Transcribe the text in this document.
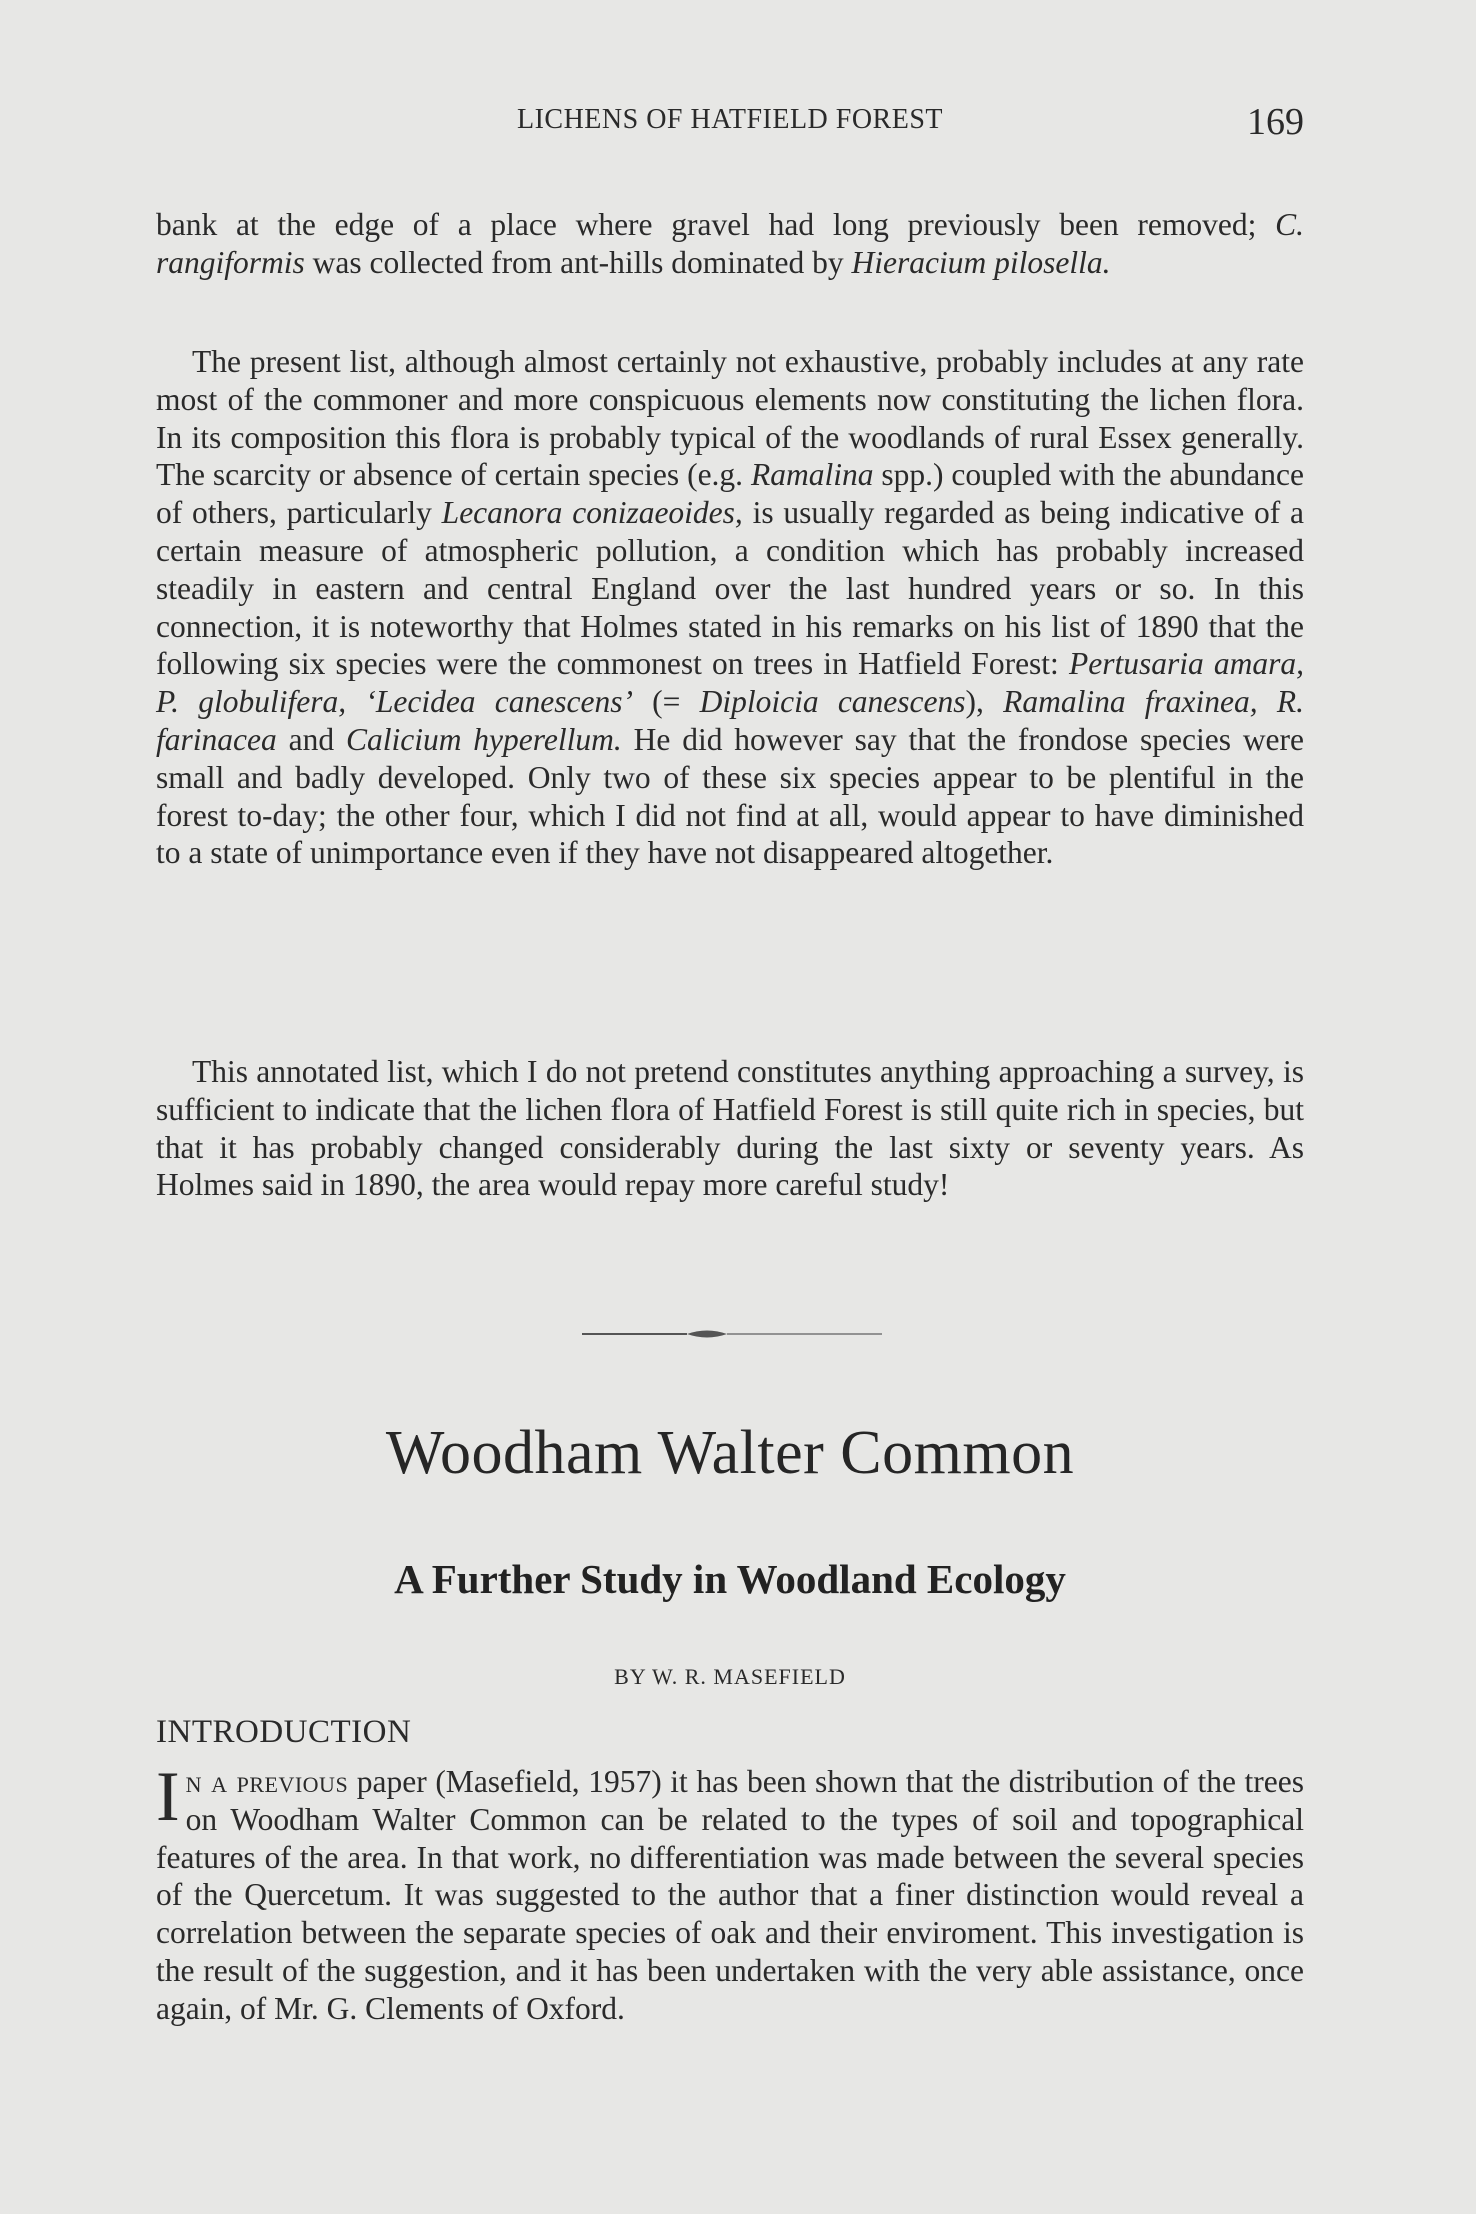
LICHENS OF HATFIELD FOREST	169

bank at the edge of a place where gravel had long previously been removed; C. rangiformis was collected from ant-hills dominated by Hieracium pilosella.

The present list, although almost certainly not exhaustive, probably includes at any rate most of the commoner and more conspicuous elements now constituting the lichen flora. In its composition this flora is probably typical of the woodlands of rural Essex generally. The scarcity or absence of certain species (e.g. Ramalina spp.) coupled with the abundance of others, particularly Lecanora conizaeoides, is usually regarded as being indicative of a certain measure of atmospheric pollution, a condition which has probably increased steadily in eastern and central England over the last hundred years or so. In this connection, it is noteworthy that Holmes stated in his remarks on his list of 1890 that the following six species were the commonest on trees in Hatfield Forest: Pertusaria amara, P. globulifera, ‘Lecidea canescens’ (= Diploicia canescens), Ramalina fraxinea, R. farinacea and Calicium hyperellum. He did however say that the frondose species were small and badly developed. Only two of these six species appear to be plentiful in the forest to-day; the other four, which I did not find at all, would appear to have diminished to a state of unimportance even if they have not disappeared altogether.

This annotated list, which I do not pretend constitutes anything approaching a survey, is sufficient to indicate that the lichen flora of Hatfield Forest is still quite rich in species, but that it has probably changed considerably during the last sixty or seventy years. As Holmes said in 1890, the area would repay more careful study!

Woodham Walter Common
A Further Study in Woodland Ecology
BY W. R. MASEFIELD
INTRODUCTION

In a previous paper (Masefield, 1957) it has been shown that the distribution of the trees on Woodham Walter Common can be related to the types of soil and topographical features of the area. In that work, no differentiation was made between the several species of the Quercetum. It was suggested to the author that a finer distinction would reveal a correlation between the separate species of oak and their enviroment. This investigation is the result of the suggestion, and it has been undertaken with the very able assistance, once again, of Mr. G. Clements of Oxford.
